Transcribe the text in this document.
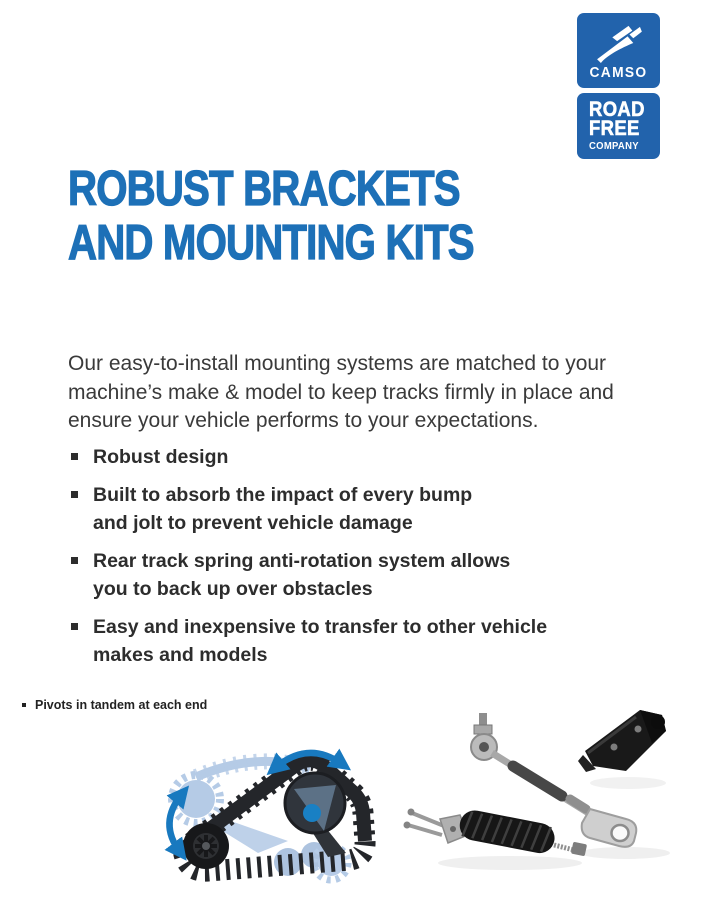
CAMSO
ROAD
FREE
COMPANY
ROBUST BRACKETS
AND MOUNTING KITS
Our easy-to-install mounting systems are matched to your
machine’s make & model to keep tracks firmly in place and
ensure your vehicle performs to your expectations.
Robust design
Built to absorb the impact of every bump
and jolt to prevent vehicle damage
Rear track spring anti-rotation system allows
you to back up over obstacles
Easy and inexpensive to transfer to other vehicle
makes and models
Pivots in tandem at each end
